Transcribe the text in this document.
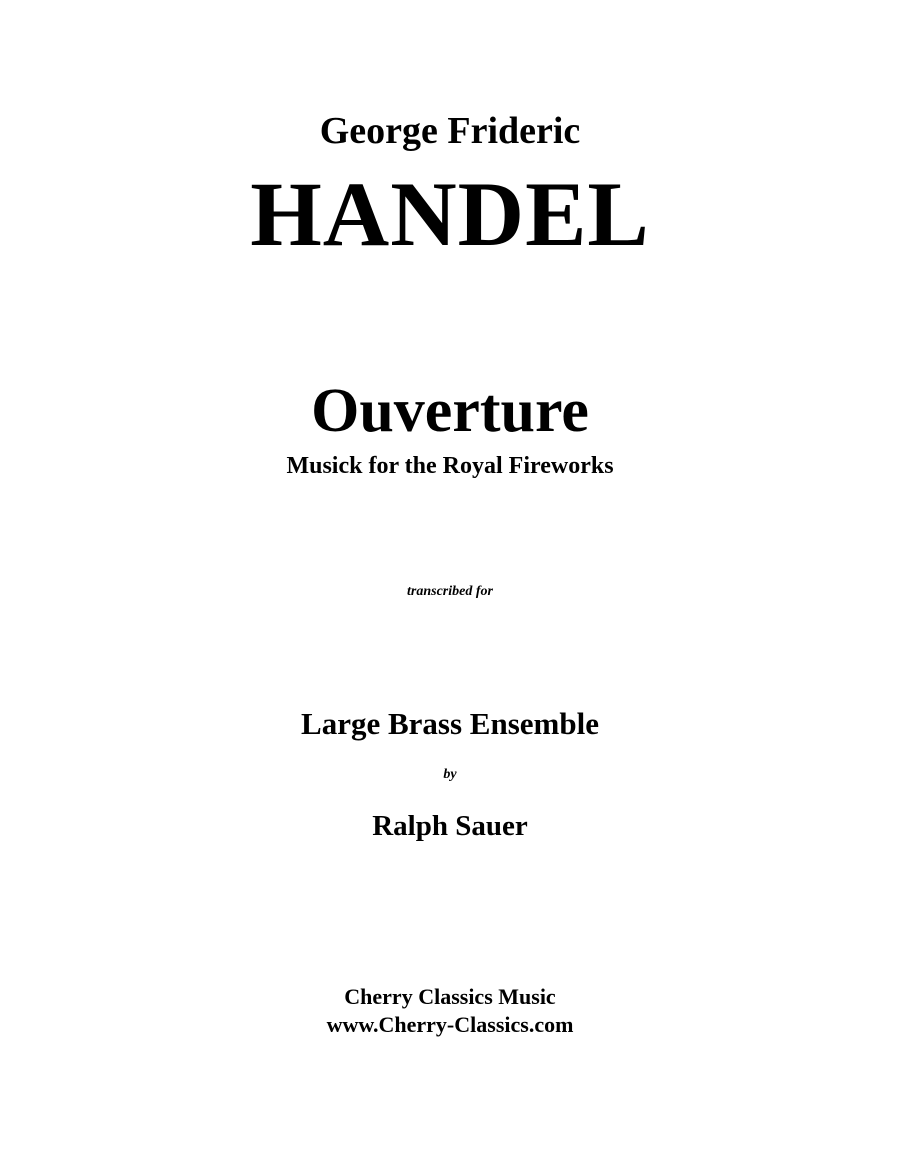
George Frideric
HANDEL
Ouverture
Musick for the Royal Fireworks
transcribed for
Large Brass Ensemble
by
Ralph Sauer
Cherry Classics Music
www.Cherry-Classics.com
